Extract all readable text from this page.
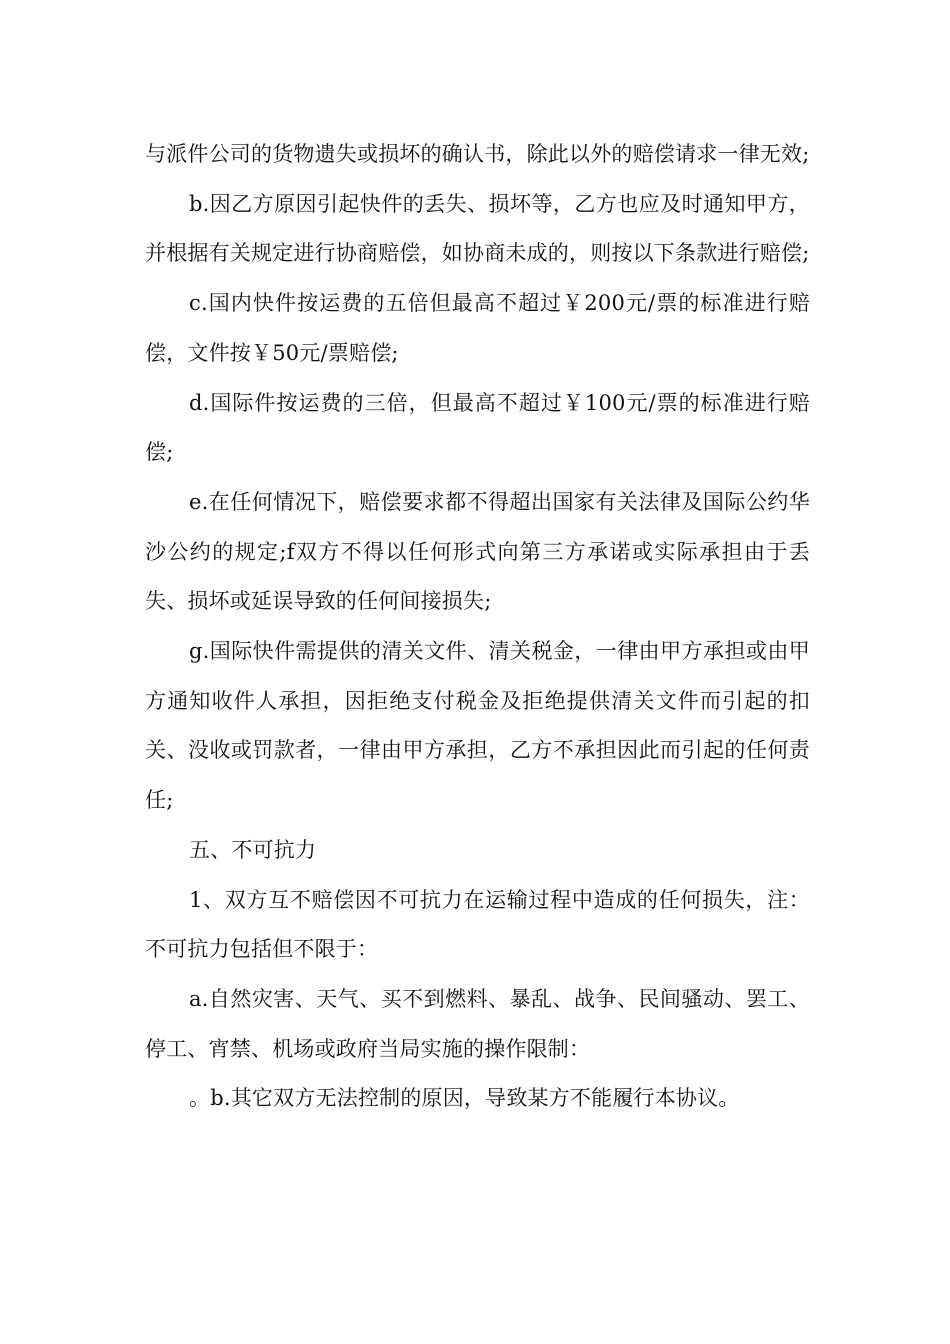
与派件公司的货物遗失或损坏的确认书，除此以外的赔偿请求一律无效;

b.因乙方原因引起快件的丢失、损坏等，乙方也应及时通知甲方，并根据有关规定进行协商赔偿，如协商未成的，则按以下条款进行赔偿;

c.国内快件按运费的五倍但最高不超过￥200元/票的标准进行赔偿，文件按￥50元/票赔偿;

d.国际件按运费的三倍，但最高不超过￥100元/票的标准进行赔偿;

e.在任何情况下，赔偿要求都不得超出国家有关法律及国际公约华沙公约的规定;f双方不得以任何形式向第三方承诺或实际承担由于丢失、损坏或延误导致的任何间接损失;

g.国际快件需提供的清关文件、清关税金，一律由甲方承担或由甲方通知收件人承担，因拒绝支付税金及拒绝提供清关文件而引起的扣关、没收或罚款者，一律由甲方承担，乙方不承担因此而引起的任何责任;

五、不可抗力

1、双方互不赔偿因不可抗力在运输过程中造成的任何损失，注：不可抗力包括但不限于：

a.自然灾害、天气、买不到燃料、暴乱、战争、民间骚动、罢工、停工、宵禁、机场或政府当局实施的操作限制：

。b.其它双方无法控制的原因，导致某方不能履行本协议。
